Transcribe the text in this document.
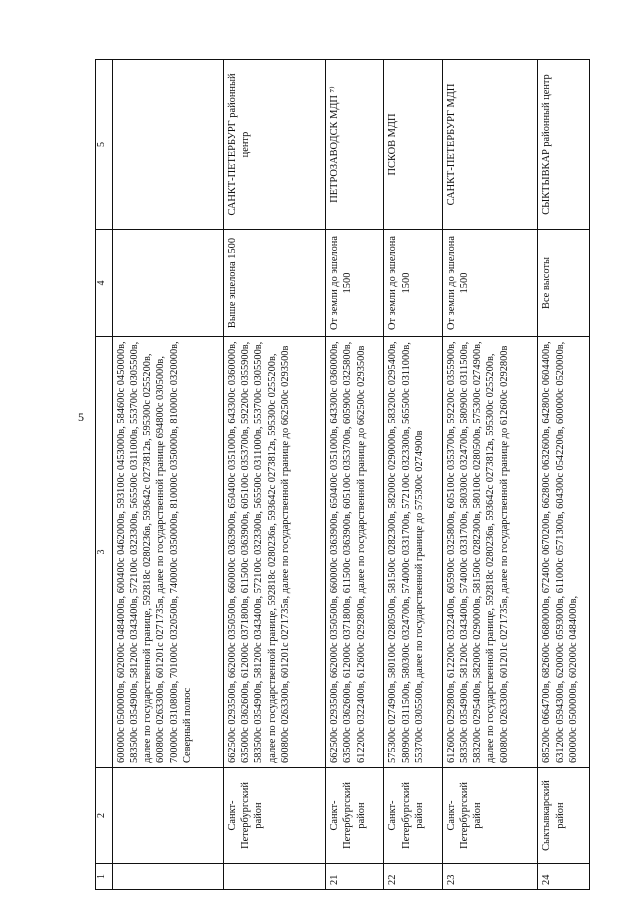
5
1	2	3	4	5
		600000с 0500000в, 602000с 0484000в, 600400с 0462000в, 593100с 0453000в, 584600с 0450000в, 583500с 0354900в, 581200с 0343400в, 572100с 0323300в, 565500с 0311000в, 553700с 0305500в, далее по государственной границе, 592818с 0280236в, 593642с 0273812в, 595300с 0255200в, 600800с 0263300в, 601201с 0271735в, далее по государственной границе 694800с 0305000в, 700000с 0310800в, 701000с 0320500в, 740000с 0350000в, 810000с 0350000в, 810000с 0320000в, Северный полюс		
	Санкт-Петербургский район	662500с 0293500в, 662000с 0350500в, 660000с 0363900в, 650400с 0351000в, 643300с 0360000в, 635000с 0362600в, 612000с 0371800в, 611500с 0363900в, 605100с 0353700в, 592200с 0355900в, 583500с 0354900в, 581200с 0343400в, 572100с 0323300в, 565500с 0311000в, 553700с 0305500в, далее по государственной границе, 592818с 0280236в, 593642с 0273812в, 595300с 0255200в, 600800с 0263300в, 601201с 0271735в, далее по государственной границе до 662500с 0293500в	Выше эшелона 1500	САНКТ-ПЕТЕРБУРГ районный центр
21	Санкт-Петербургский район	662500с 0293500в, 662000с 0350500в, 660000с 0363900в, 650400с 0351000в, 643300с 0360000в, 635000с 0362600в, 612000с 0371800в, 611500с 0363900в, 605100с 0353700в, 605900с 0325800в, 612200с 0322400в, 612600с 0292800в, далее по государственной границе до 662500с 0293500в	От земли до эшелона 1500	ПЕТРОЗАВОДСК МДП ⁷⁾
22	Санкт-Петербургский район	575300с 0274900в, 580100с 0280500в, 581500с 0282300в, 582000с 0290000в, 583200с 0295400в, 580900с 0311500в, 580300с 0324700в, 574000с 0331700в, 572100с 0323300в, 565500с 0311000в, 553700с 0305500в, далее по государственной границе до 575300с 0274900в	От земли до эшелона 1500	ПСКОВ МДП
23	Санкт-Петербургский район	612600с 0292800в, 612200с 0322400в, 605900с 0325800в, 605100с 0353700в, 592200с 0355900в, 583500с 0354900в, 581200с 0343400в, 574000с 0331700в, 580300с 0324700в, 580900с 0311500в, 583200с 0295400в, 582000с 0290000в, 581500с 0282300в, 580100с 0280500в, 575300с 0274900в, далее по государственной границе, 592818с 0280236в, 593642с 0273812в, 595300с 0255200в, 600800с 0263300в, 601201с 0271735в, далее по государственной границе до 612600с 0292800в	От земли до эшелона 1500	САНКТ-ПЕТЕРБУРГ МДП
24	Сыктывкарский район	685200с 0664700в, 682600с 0680000в, 672400с 0670200в, 662800с 0632600в, 642800с 0604400в, 631200с 0594300в, 620000с 0593000в, 611000с 0571300в, 604300с 0542200в, 600000с 0520000в, 600000с 0500000в, 602000с 0484000в,	Все высоты	СЫКТЫВКАР районный центр
